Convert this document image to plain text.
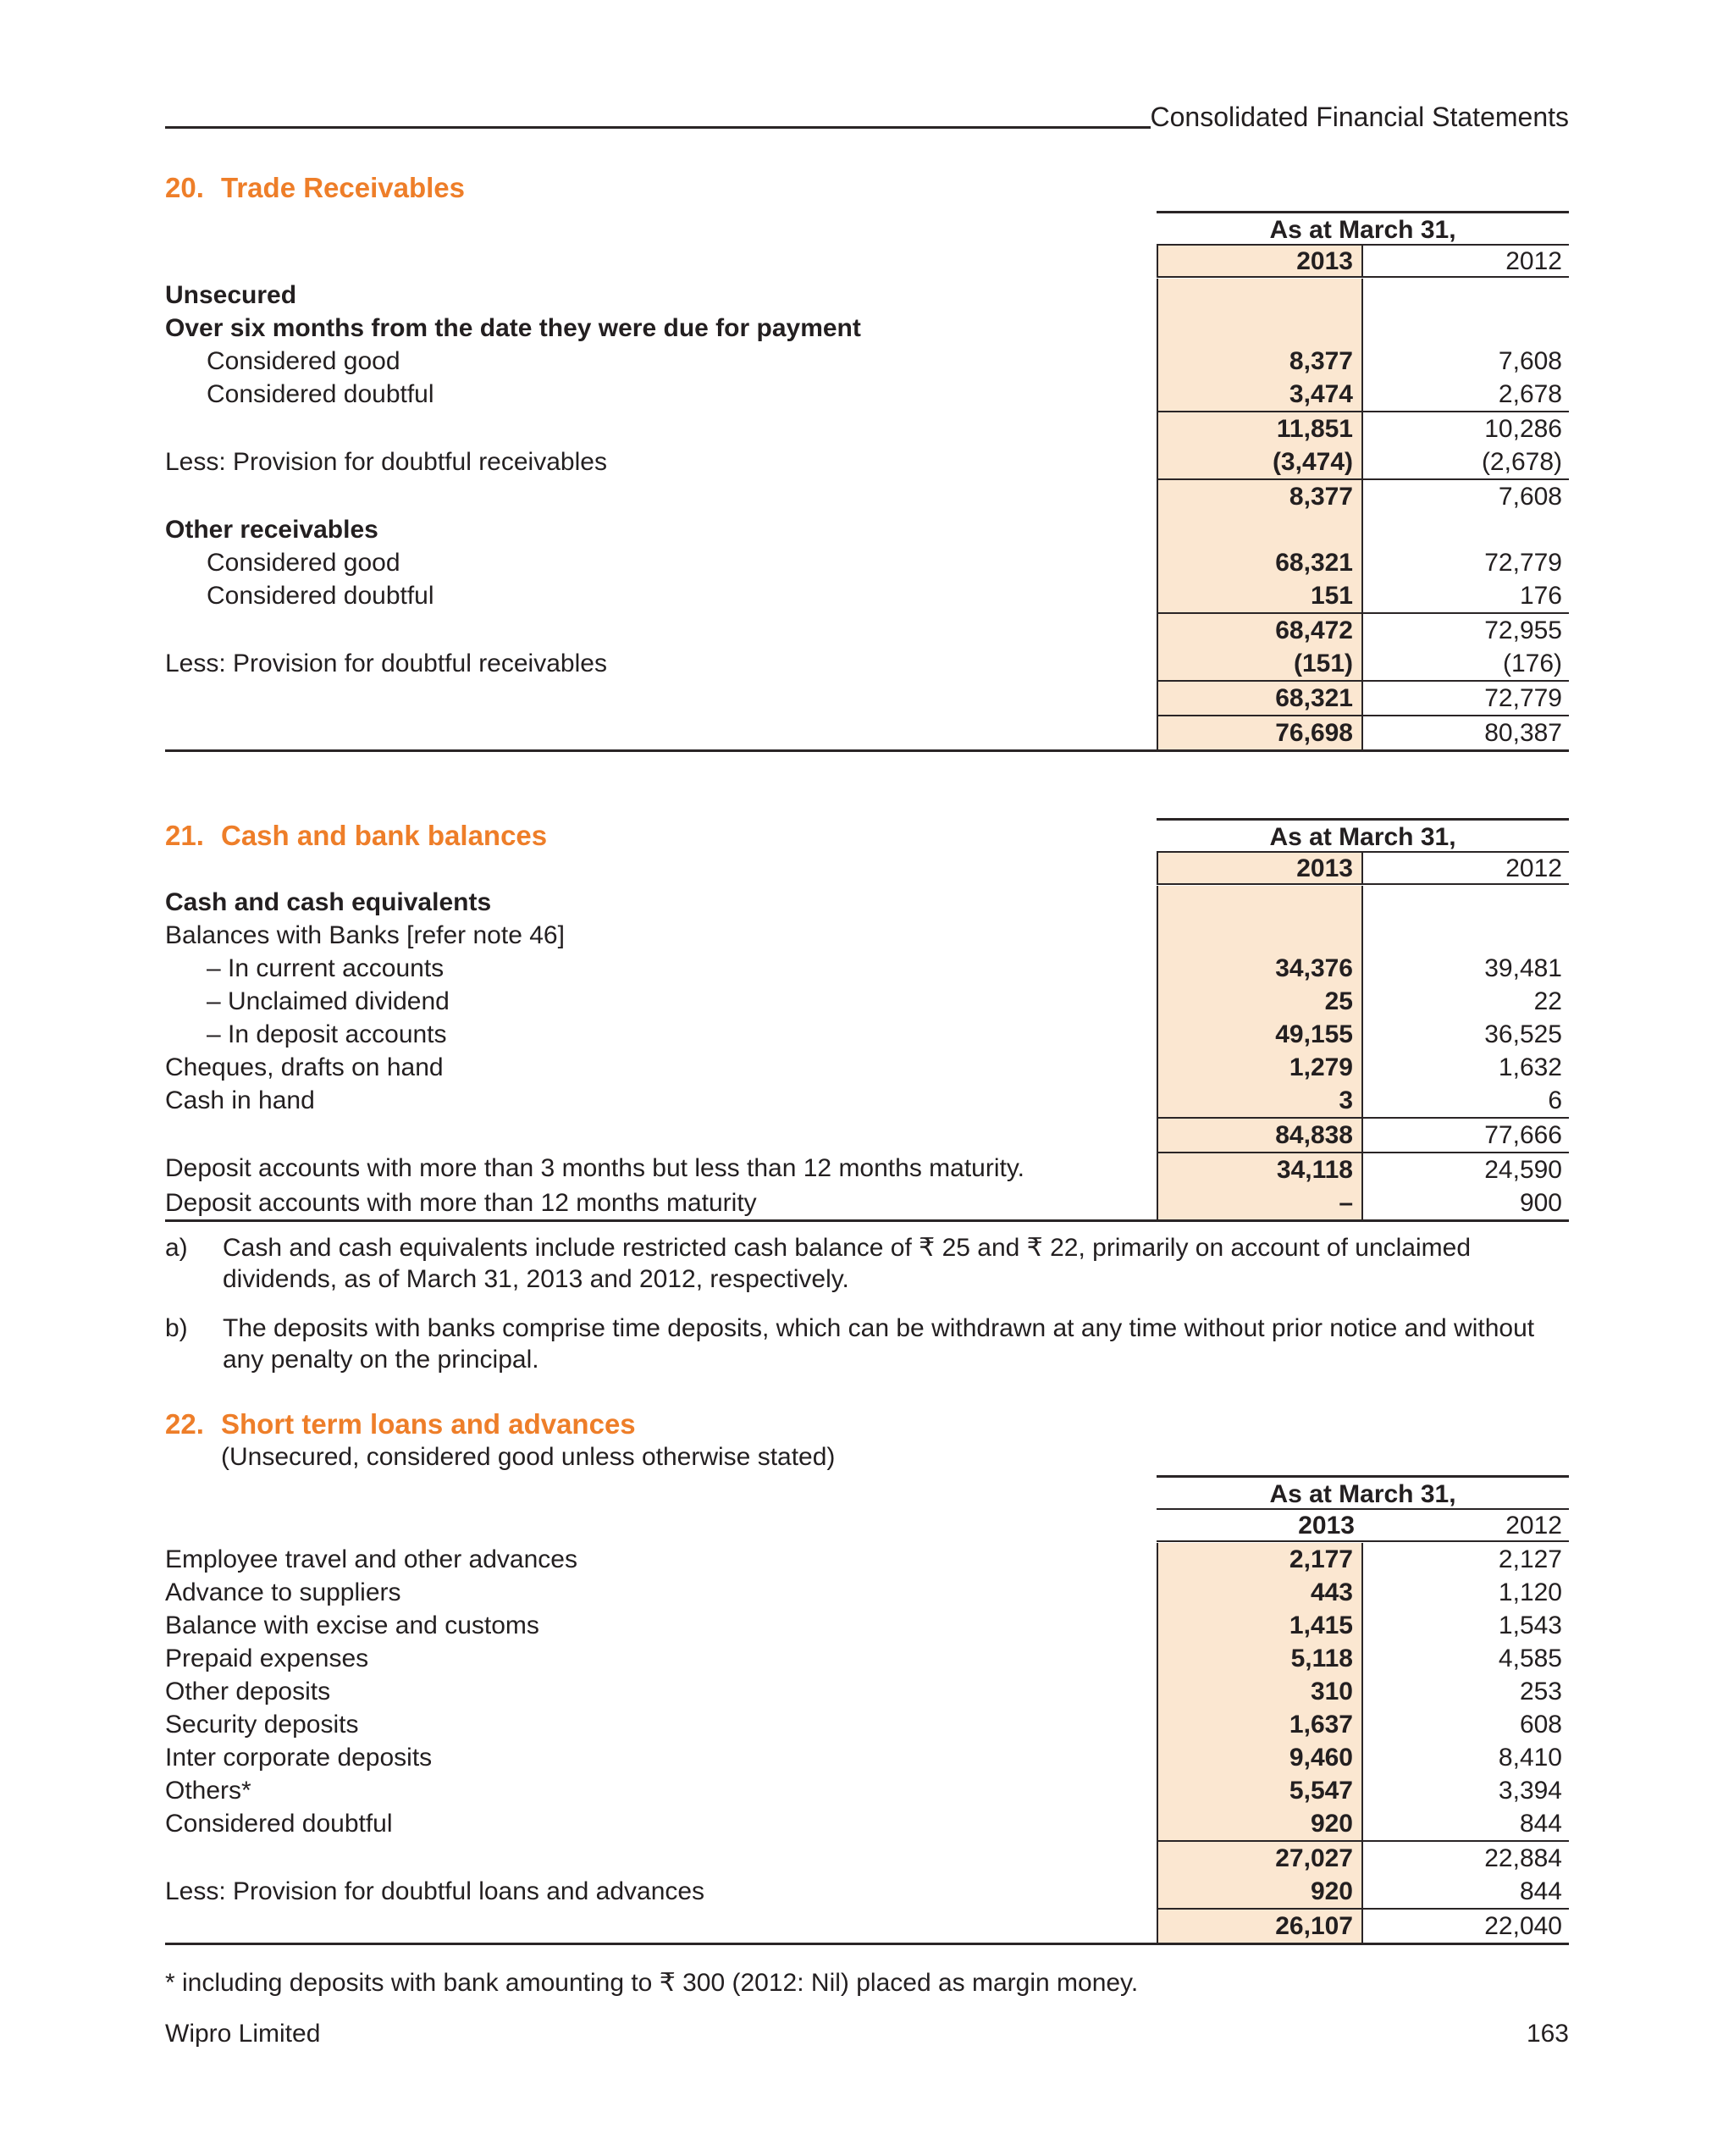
Consolidated Financial Statements
20. Trade Receivables
As at March 31,
2013	2012
Unsecured
Over six months from the date they were due for payment
Considered good	8,377	7,608
Considered doubtful	3,474	2,678
11,851	10,286
Less: Provision for doubtful receivables	(3,474)	(2,678)
8,377	7,608
Other receivables
Considered good	68,321	72,779
Considered doubtful	151	176
68,472	72,955
Less: Provision for doubtful receivables	(151)	(176)
68,321	72,779
76,698	80,387
21. Cash and bank balances	As at March 31,
2013	2012
Cash and cash equivalents
Balances with Banks [refer note 46]
– In current accounts	34,376	39,481
– Unclaimed dividend	25	22
– In deposit accounts	49,155	36,525
Cheques, drafts on hand	1,279	1,632
Cash in hand	3	6
84,838	77,666
Deposit accounts with more than 3 months but less than 12 months maturity.	34,118	24,590
Deposit accounts with more than 12 months maturity	–	900
a) Cash and cash equivalents include restricted cash balance of ₹ 25 and ₹ 22, primarily on account of unclaimed dividends, as of March 31, 2013 and 2012, respectively.
b) The deposits with banks comprise time deposits, which can be withdrawn at any time without prior notice and without any penalty on the principal.
22. Short term loans and advances
(Unsecured, considered good unless otherwise stated)
As at March 31,
2013	2012
Employee travel and other advances	2,177	2,127
Advance to suppliers	443	1,120
Balance with excise and customs	1,415	1,543
Prepaid expenses	5,118	4,585
Other deposits	310	253
Security deposits	1,637	608
Inter corporate deposits	9,460	8,410
Others*	5,547	3,394
Considered doubtful	920	844
27,027	22,884
Less: Provision for doubtful loans and advances	920	844
26,107	22,040
* including deposits with bank amounting to ₹ 300 (2012: Nil) placed as margin money.
Wipro Limited	163
